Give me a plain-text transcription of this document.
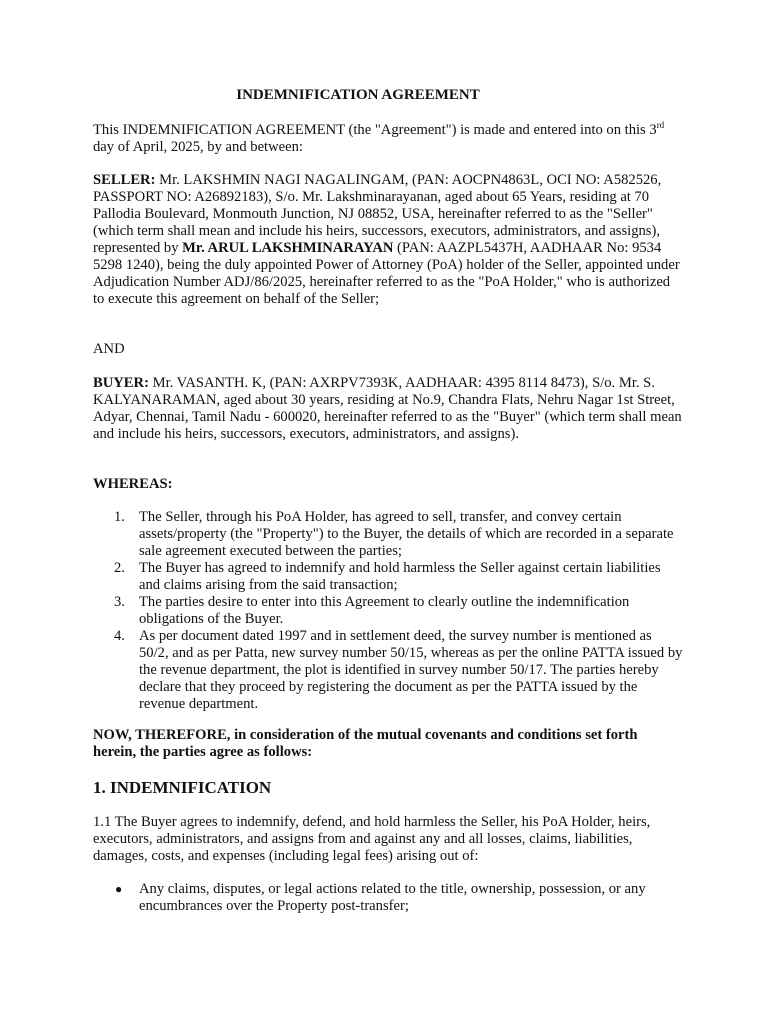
INDEMNIFICATION AGREEMENT
This INDEMNIFICATION AGREEMENT (the "Agreement") is made and entered into on this 3rd day of April, 2025, by and between:
SELLER: Mr. LAKSHMIN NAGI NAGALINGAM, (PAN: AOCPN4863L, OCI NO: A582526, PASSPORT NO: A26892183), S/o. Mr. Lakshminarayanan, aged about 65 Years, residing at 70 Pallodia Boulevard, Monmouth Junction, NJ 08852, USA, hereinafter referred to as the "Seller" (which term shall mean and include his heirs, successors, executors, administrators, and assigns), represented by Mr. ARUL LAKSHMINARAYAN (PAN: AAZPL5437H, AADHAAR No: 9534 5298 1240), being the duly appointed Power of Attorney (PoA) holder of the Seller, appointed under Adjudication Number ADJ/86/2025, hereinafter referred to as the "PoA Holder," who is authorized to execute this agreement on behalf of the Seller;
AND
BUYER: Mr. VASANTH. K, (PAN: AXRPV7393K, AADHAAR: 4395 8114 8473), S/o. Mr. S. KALYANARAMAN, aged about 30 years, residing at No.9, Chandra Flats, Nehru Nagar 1st Street, Adyar, Chennai, Tamil Nadu - 600020, hereinafter referred to as the "Buyer" (which term shall mean and include his heirs, successors, executors, administrators, and assigns).
WHEREAS:
1. The Seller, through his PoA Holder, has agreed to sell, transfer, and convey certain assets/property (the "Property") to the Buyer, the details of which are recorded in a separate sale agreement executed between the parties;
2. The Buyer has agreed to indemnify and hold harmless the Seller against certain liabilities and claims arising from the said transaction;
3. The parties desire to enter into this Agreement to clearly outline the indemnification obligations of the Buyer.
4. As per document dated 1997 and in settlement deed, the survey number is mentioned as 50/2, and as per Patta, new survey number 50/15, whereas as per the online PATTA issued by the revenue department, the plot is identified in survey number 50/17. The parties hereby declare that they proceed by registering the document as per the PATTA issued by the revenue department.
NOW, THEREFORE, in consideration of the mutual covenants and conditions set forth herein, the parties agree as follows:
1. INDEMNIFICATION
1.1 The Buyer agrees to indemnify, defend, and hold harmless the Seller, his PoA Holder, heirs, executors, administrators, and assigns from and against any and all losses, claims, liabilities, damages, costs, and expenses (including legal fees) arising out of:
● Any claims, disputes, or legal actions related to the title, ownership, possession, or any encumbrances over the Property post-transfer;
